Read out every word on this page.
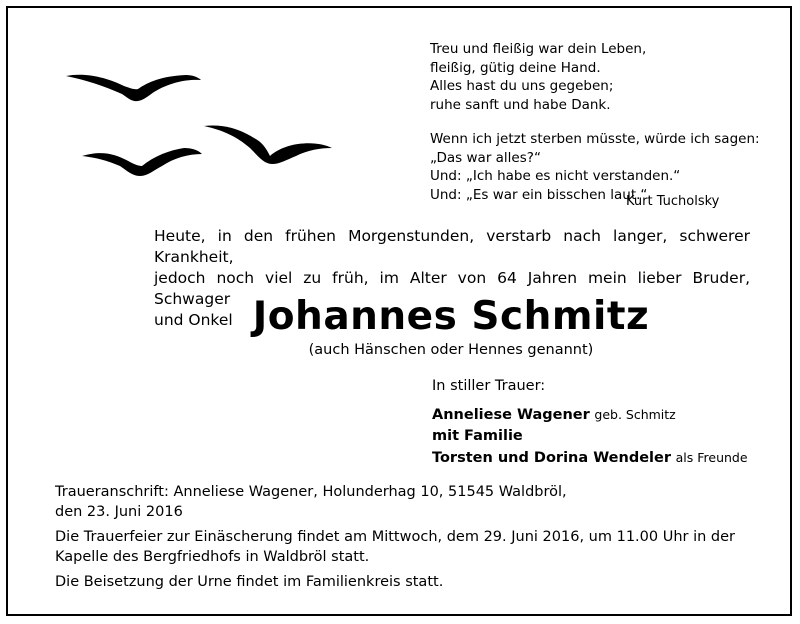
Treu und fleißig war dein Leben,
fleißig, gütig deine Hand.
Alles hast du uns gegeben;
ruhe sanft und habe Dank.
Wenn ich jetzt sterben müsste, würde ich sagen:
„Das war alles?“
Und: „Ich habe es nicht verstanden.“
Und: „Es war ein bisschen laut.“
Kurt Tucholsky
Heute, in den frühen Morgenstunden, verstarb nach langer, schwerer Krankheit,
jedoch noch viel zu früh, im Alter von 64 Jahren mein lieber Bruder, Schwager
und Onkel Johannes Schmitz
(auch Hänschen oder Hennes genannt)
In stiller Trauer:
Anneliese Wagener geb. Schmitz
mit Familie
Torsten und Dorina Wendeler als Freunde
Traueranschrift: Anneliese Wagener, Holunderhag 10, 51545 Waldbröl,
den 23. Juni 2016
Die Trauerfeier zur Einäscherung findet am Mittwoch, dem 29. Juni 2016, um 11.00 Uhr in der
Kapelle des Bergfriedhofs in Waldbröl statt.
Die Beisetzung der Urne findet im Familienkreis statt.
